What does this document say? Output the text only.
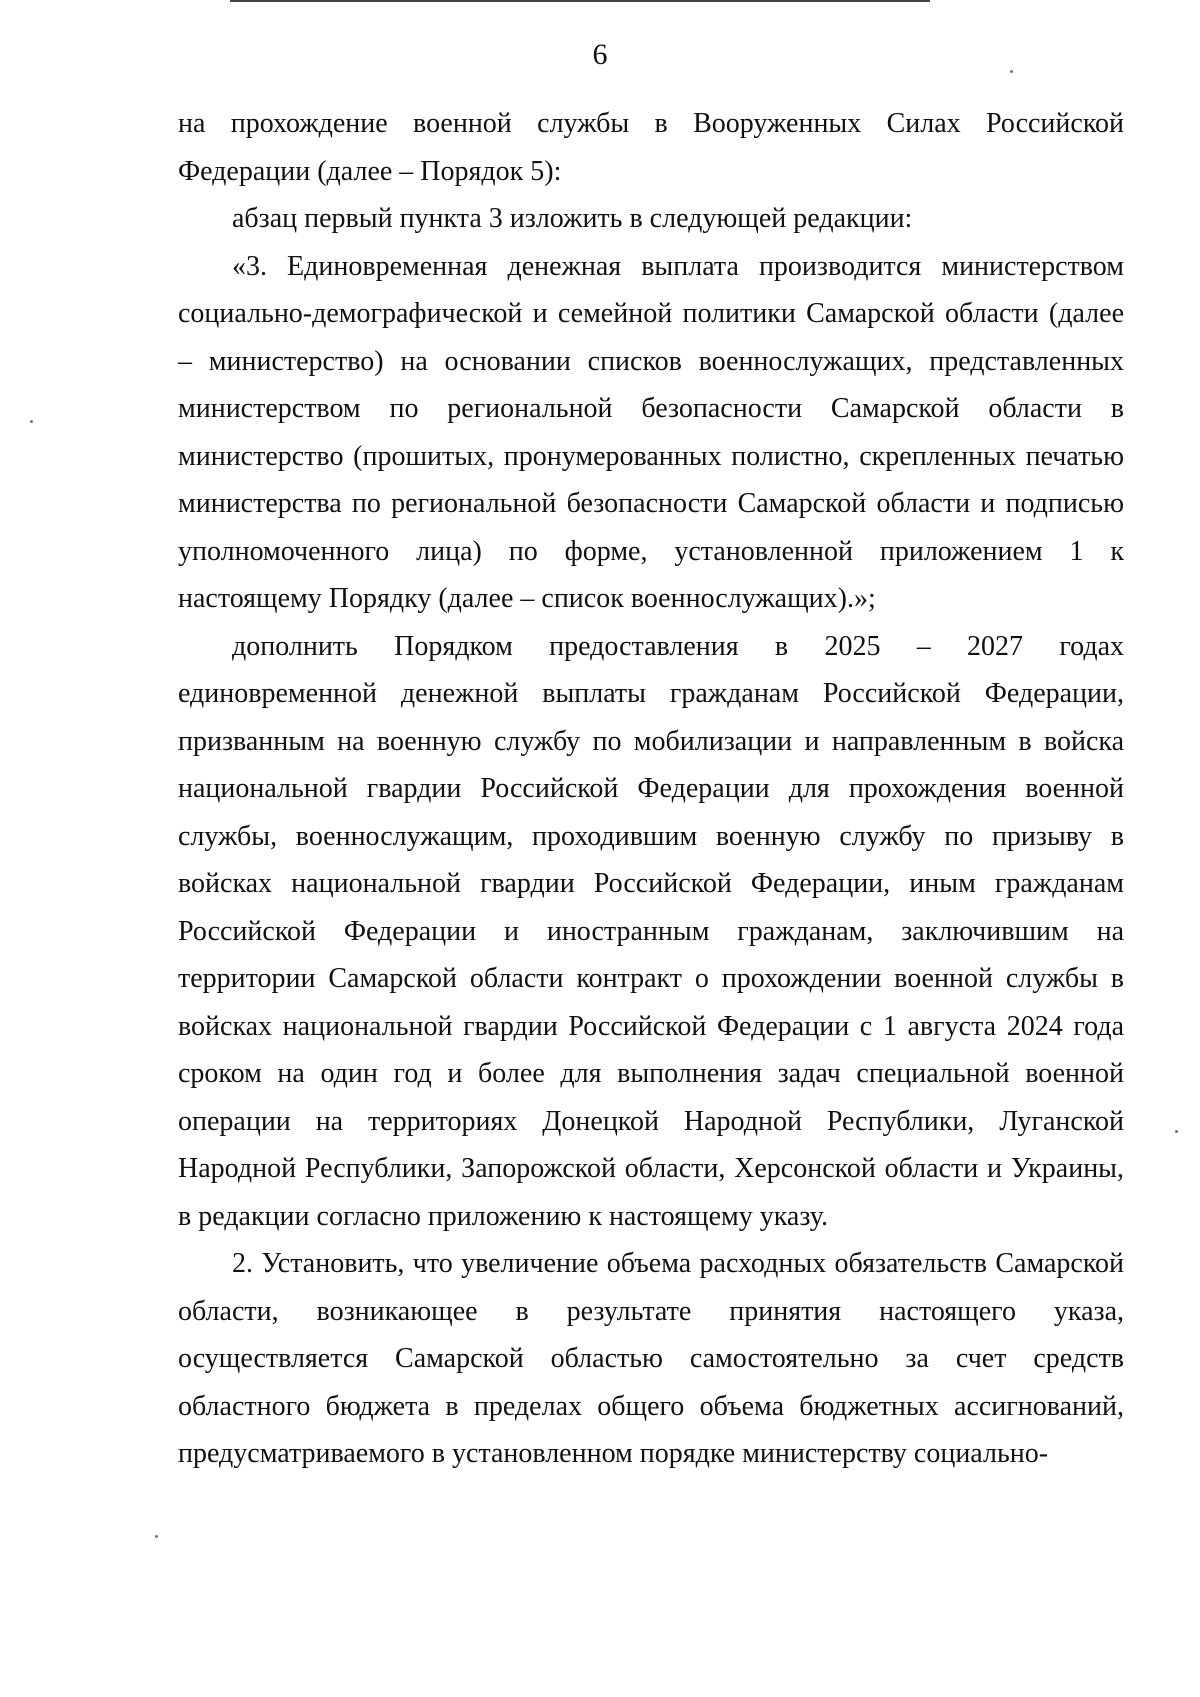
6

на прохождение военной службы в Вооруженных Силах Российской Федерации (далее – Порядок 5):

абзац первый пункта 3 изложить в следующей редакции:

«3. Единовременная денежная выплата производится министерством социально-демографической и семейной политики Самарской области (далее – министерство) на основании списков военнослужащих, представленных министерством по региональной безопасности Самарской области в министерство (прошитых, пронумерованных полистно, скрепленных печатью министерства по региональной безопасности Самарской области и подписью уполномоченного лица) по форме, установленной приложением 1 к настоящему Порядку (далее – список военнослужащих).»;

дополнить Порядком предоставления в 2025 – 2027 годах единовременной денежной выплаты гражданам Российской Федерации, призванным на военную службу по мобилизации и направленным в войска национальной гвардии Российской Федерации для прохождения военной службы, военнослужащим, проходившим военную службу по призыву в войсках национальной гвардии Российской Федерации, иным гражданам Российской Федерации и иностранным гражданам, заключившим на территории Самарской области контракт о прохождении военной службы в войсках национальной гвардии Российской Федерации с 1 августа 2024 года сроком на один год и более для выполнения задач специальной военной операции на территориях Донецкой Народной Республики, Луганской Народной Республики, Запорожской области, Херсонской области и Украины, в редакции согласно приложению к настоящему указу.

2. Установить, что увеличение объема расходных обязательств Самарской области, возникающее в результате принятия настоящего указа, осуществляется Самарской областью самостоятельно за счет средств областного бюджета в пределах общего объема бюджетных ассигнований, предусматриваемого в установленном порядке министерству социально-
